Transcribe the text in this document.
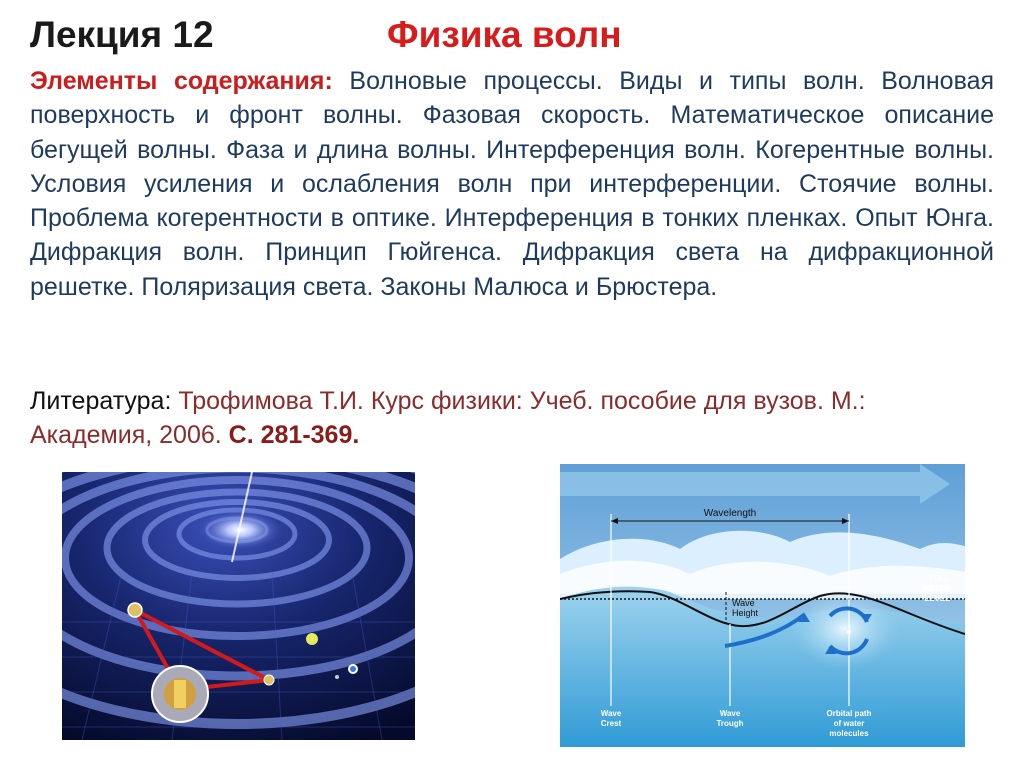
Лекция 12	Физика волн
Элементы содержания: Волновые процессы. Виды и типы волн. Волновая поверхность и фронт волны. Фазовая скорость. Математическое описание бегущей волны. Фаза и длина волны. Интерференция волн. Когерентные волны. Условия усиления и ослабления волн при интерференции. Стоячие волны. Проблема когерентности в оптике. Интерференция в тонких пленках. Опыт Юнга. Дифракция волн. Принцип Гюйгенса. Дифракция света на дифракционной решетке. Поляризация света. Законы Малюса и Брюстера.
Литература: Трофимова Т.И. Курс физики: Учеб. пособие для вузов. М.: Академия, 2006. С. 281-369.
Wavelength
Wave
Height
STILL
WATER
LEVEL
Wave
Crest
Wave
Trough
Orbital path
of water
molecules
